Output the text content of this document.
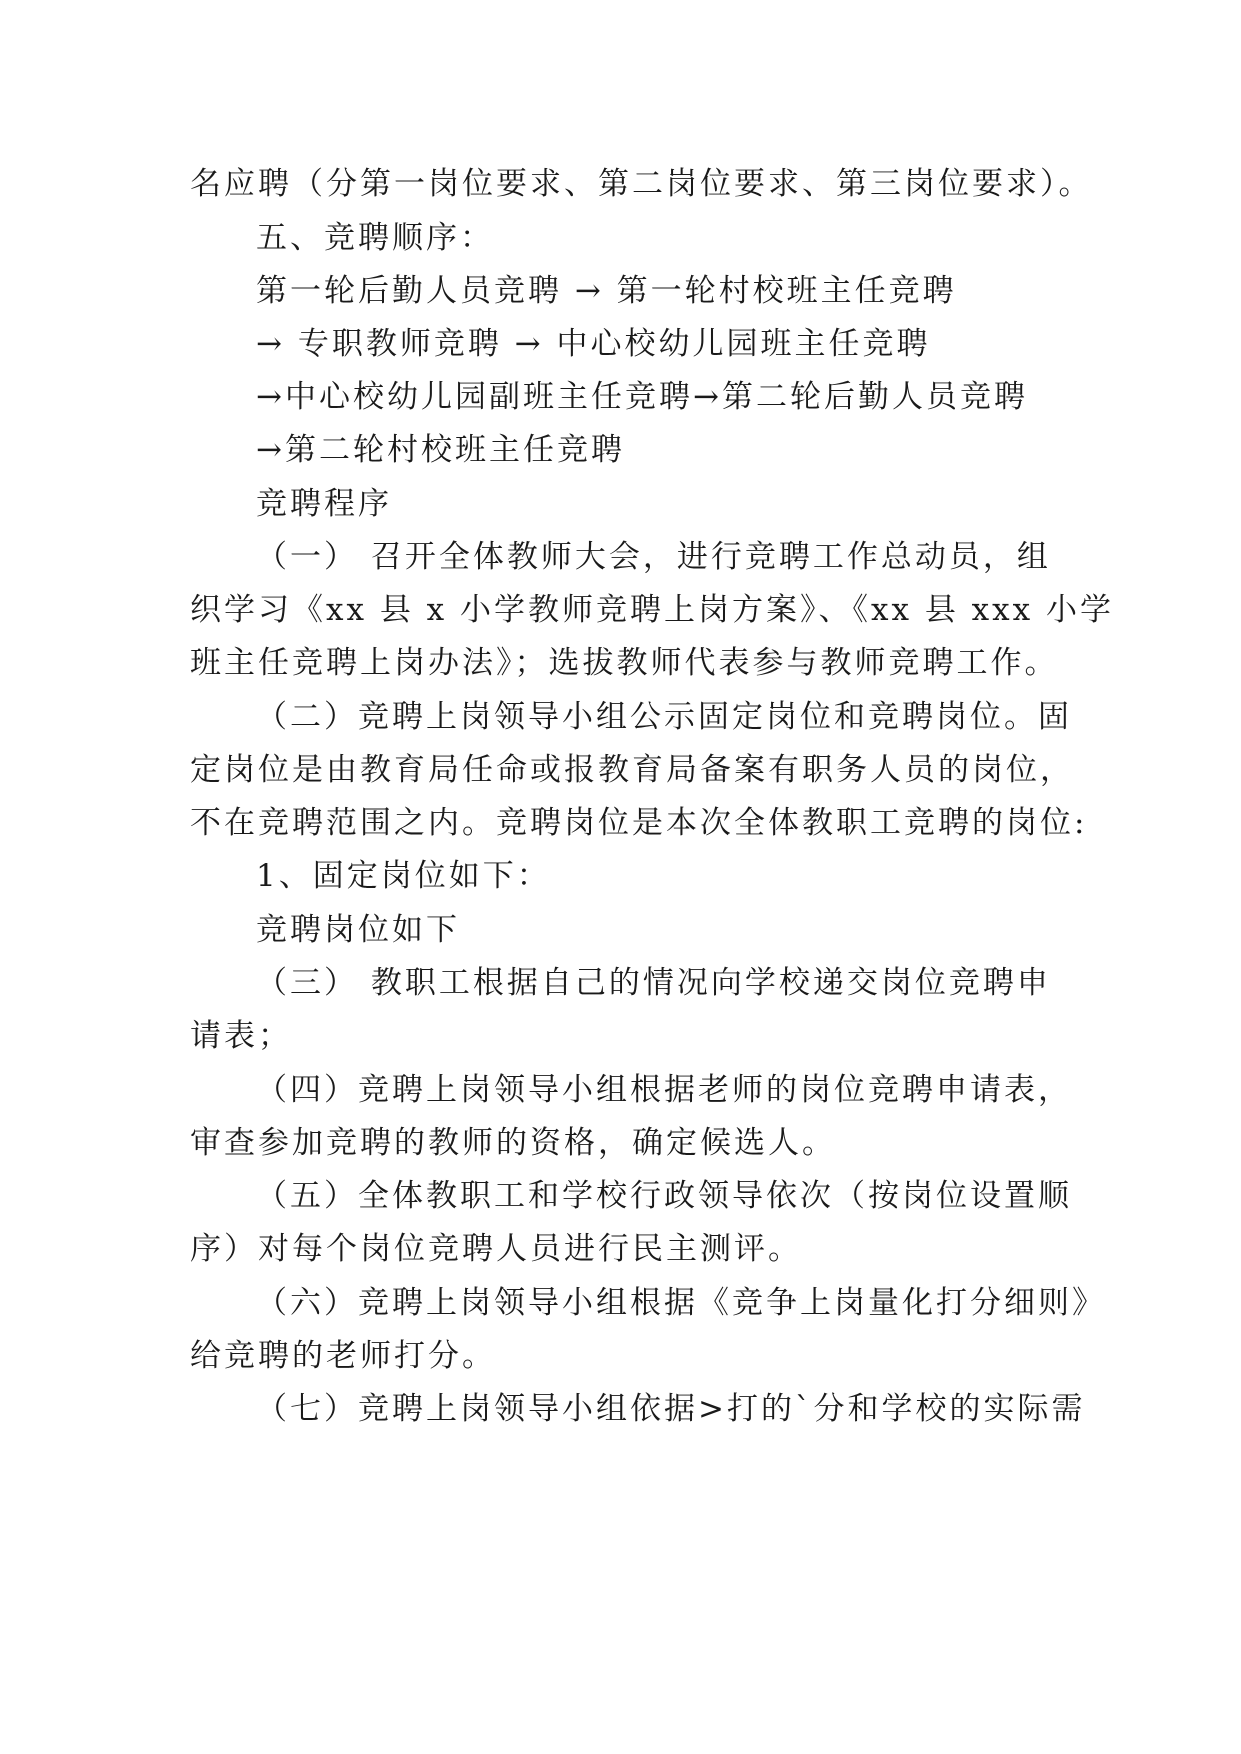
名应聘（分第一岗位要求、第二岗位要求、第三岗位要求）。
五、竞聘顺序：
第一轮后勤人员竞聘 → 第一轮村校班主任竞聘
→ 专职教师竞聘 → 中心校幼儿园班主任竞聘
→中心校幼儿园副班主任竞聘→第二轮后勤人员竞聘
→第二轮村校班主任竞聘
竞聘程序
（一） 召开全体教师大会，进行竞聘工作总动员，组
织学习《xx 县 x 小学教师竞聘上岗方案》、《xx 县 xxx 小学
班主任竞聘上岗办法》；选拔教师代表参与教师竞聘工作。
（二）竞聘上岗领导小组公示固定岗位和竞聘岗位。固
定岗位是由教育局任命或报教育局备案有职务人员的岗位，
不在竞聘范围之内。竞聘岗位是本次全体教职工竞聘的岗位:
1、固定岗位如下：
竞聘岗位如下
（三） 教职工根据自己的情况向学校递交岗位竞聘申
请表；
（四）竞聘上岗领导小组根据老师的岗位竞聘申请表，
审查参加竞聘的教师的资格，确定候选人。
（五）全体教职工和学校行政领导依次（按岗位设置顺
序）对每个岗位竞聘人员进行民主测评。
（六）竞聘上岗领导小组根据《竞争上岗量化打分细则》
给竞聘的老师打分。
（七）竞聘上岗领导小组依据>打的`分和学校的实际需
